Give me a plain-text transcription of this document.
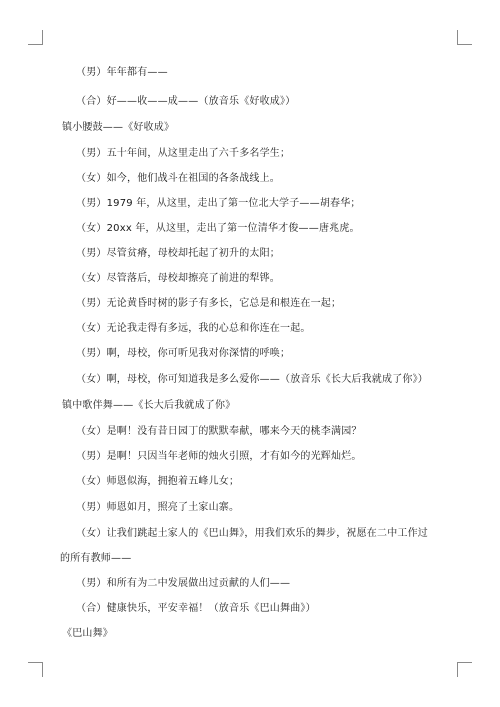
（男）年年都有——
（合）好——收——成——（放音乐《好收成》）
镇小腰鼓——《好收成》
（男）五十年间，从这里走出了六千多名学生；
（女）如今，他们战斗在祖国的各条战线上。
（男）1979 年，从这里，走出了第一位北大学子——胡春华；
（女）20xx 年，从这里，走出了第一位清华才俊——唐兆虎。
（男）尽管贫瘠，母校却托起了初升的太阳；
（女）尽管落后，母校却擦亮了前进的犁铧。
（男）无论黄昏时树的影子有多长，它总是和根连在一起；
（女）无论我走得有多远，我的心总和你连在一起。
（男）啊，母校，你可听见我对你深情的呼唤；
（女）啊，母校，你可知道我是多么爱你——（放音乐《长大后我就成了你》）
镇中歌伴舞——《长大后我就成了你》
（女）是啊！没有昔日园丁的默默奉献，哪来今天的桃李满园？
（男）是啊！只因当年老师的烛火引照，才有如今的光辉灿烂。
（女）师恩似海，拥抱着五峰儿女；
（男）师恩如月，照亮了土家山寨。
（女）让我们跳起土家人的《巴山舞》，用我们欢乐的舞步，祝愿在二中工作过
的所有教师——
（男）和所有为二中发展做出过贡献的人们——
（合）健康快乐，平安幸福！（放音乐《巴山舞曲》）
《巴山舞》
